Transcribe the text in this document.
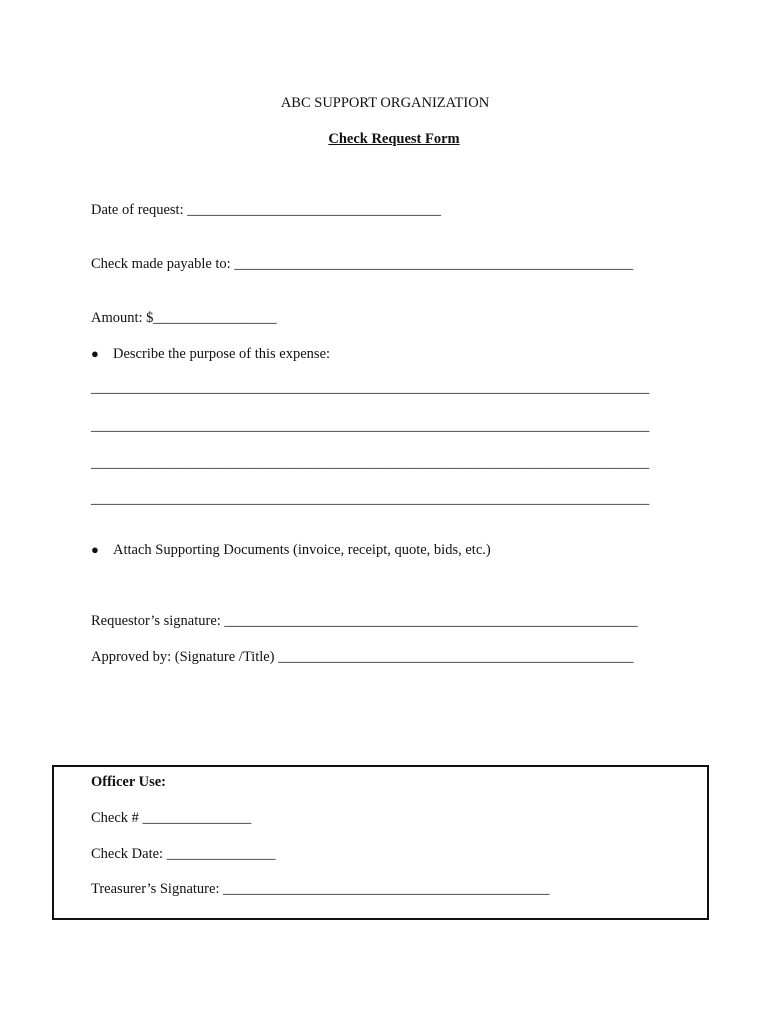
ABC SUPPORT ORGANIZATION
Check Request Form
Date of request: ___________________________________
Check made payable to: _______________________________________________________
Amount: $_________________
● Describe the purpose of this expense:
_____________________________________________________________________________
_____________________________________________________________________________
_____________________________________________________________________________
_____________________________________________________________________________
● Attach Supporting Documents (invoice, receipt, quote, bids, etc.)
Requestor’s signature: _________________________________________________________
Approved by: (Signature /Title) _________________________________________________
Officer Use:
Check # _______________
Check Date: _______________
Treasurer’s Signature: _____________________________________________
